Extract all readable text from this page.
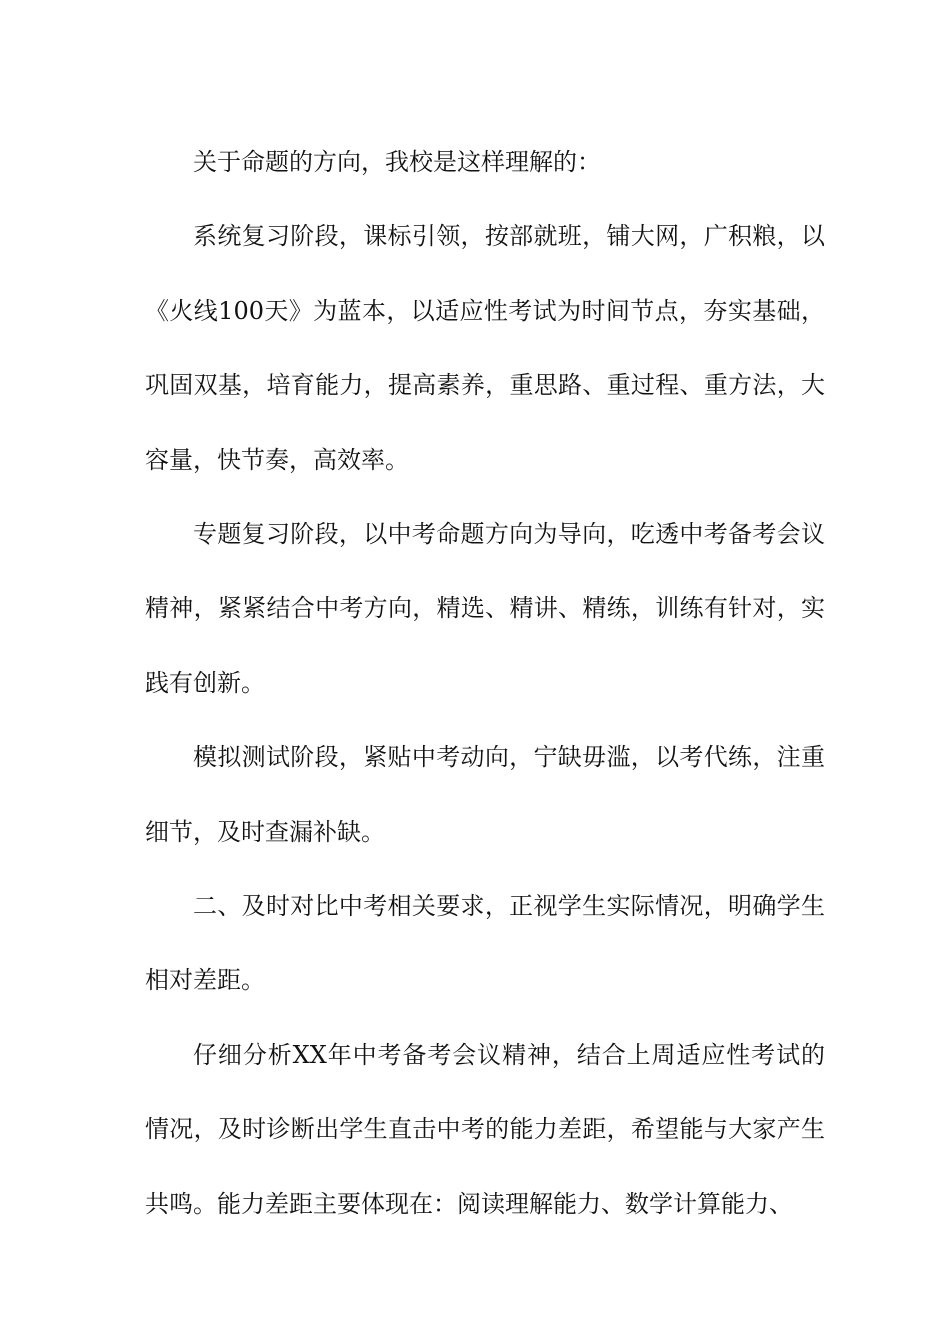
关于命题的方向，我校是这样理解的：

系统复习阶段，课标引领，按部就班，铺大网，广积粮，以《火线100天》为蓝本，以适应性考试为时间节点，夯实基础，巩固双基，培育能力，提高素养，重思路、重过程、重方法，大容量，快节奏，高效率。

专题复习阶段，以中考命题方向为导向，吃透中考备考会议精神，紧紧结合中考方向，精选、精讲、精练，训练有针对，实践有创新。

模拟测试阶段，紧贴中考动向，宁缺毋滥，以考代练，注重细节，及时查漏补缺。

二、及时对比中考相关要求，正视学生实际情况，明确学生相对差距。

仔细分析XX年中考备考会议精神，结合上周适应性考试的情况，及时诊断出学生直击中考的能力差距，希望能与大家产生共鸣。能力差距主要体现在：阅读理解能力、数学计算能力、
